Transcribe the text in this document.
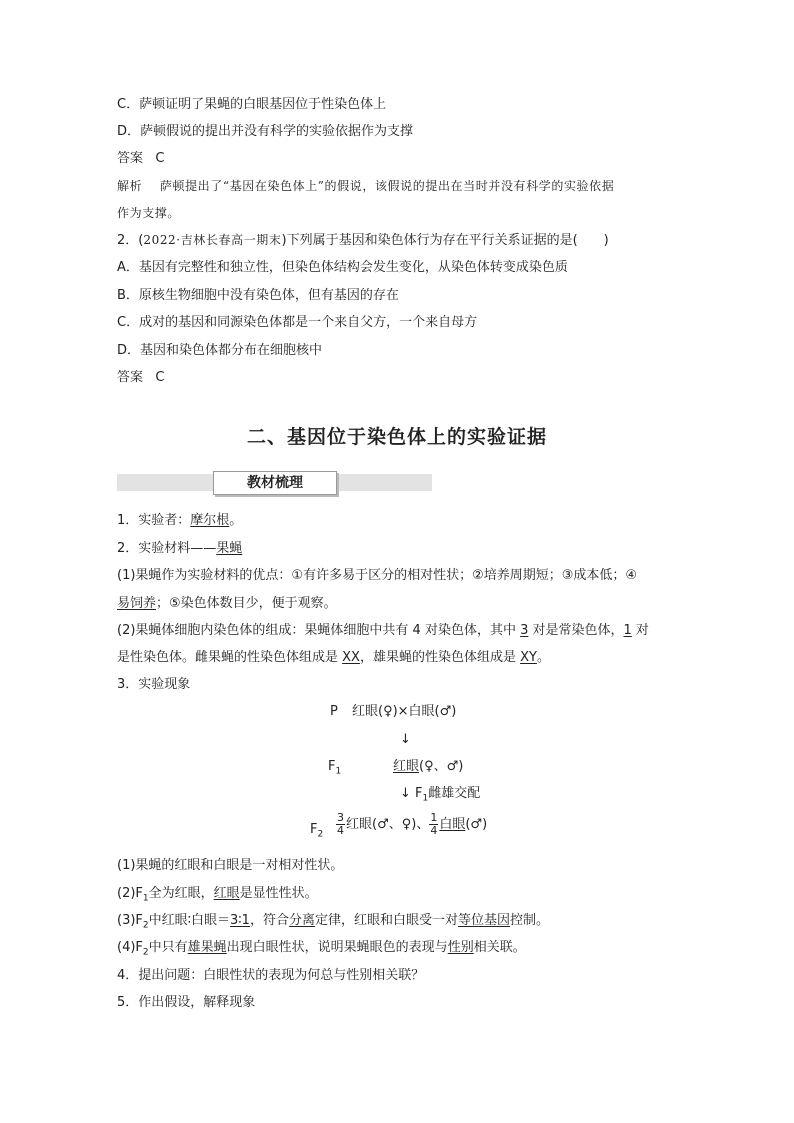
C．萨顿证明了果蝇的白眼基因位于性染色体上
D．萨顿假说的提出并没有科学的实验依据作为支撑
答案 C
解析 萨顿提出了“基因在染色体上”的假说，该假说的提出在当时并没有科学的实验依据
作为支撑。
2．(2022·吉林长春高一期末)下列属于基因和染色体行为存在平行关系证据的是(　　)
A．基因有完整性和独立性，但染色体结构会发生变化，从染色体转变成染色质
B．原核生物细胞中没有染色体，但有基因的存在
C．成对的基因和同源染色体都是一个来自父方，一个来自母方
D．基因和染色体都分布在细胞核中
答案 C
二、基因位于染色体上的实验证据
教材梳理
1．实验者：摩尔根。
2．实验材料——果蝇
(1)果蝇作为实验材料的优点：①有许多易于区分的相对性状；②培养周期短；③成本低；④
易饲养；⑤染色体数目少，便于观察。
(2)果蝇体细胞内染色体的组成：果蝇体细胞中共有 4 对染色体，其中 3 对是常染色体，1 对
是性染色体。雌果蝇的性染色体组成是 XX，雄果蝇的性染色体组成是 XY。
3．实验现象
P 红眼(♀)×白眼(♂)
↓
$F_1$	红眼(♀、♂)
↓ $F_1$雌雄交配
$F_2 \frac{3}{4}$ 红眼(♂、♀)、 $\frac{1}{4}$ 白眼(♂)
(1)果蝇的红眼和白眼是一对相对性状。
$(2)F_1$全为红眼，红眼是显性性状。
$(3)F_2$中红眼∶白眼＝3∶1，符合分离定律，红眼和白眼受一对等位基因控制。
$(4)F_2$中只有雄果蝇出现白眼性状，说明果蝇眼色的表现与性别相关联。
4．提出问题：白眼性状的表现为何总与性别相关联？
5．作出假设，解释现象
